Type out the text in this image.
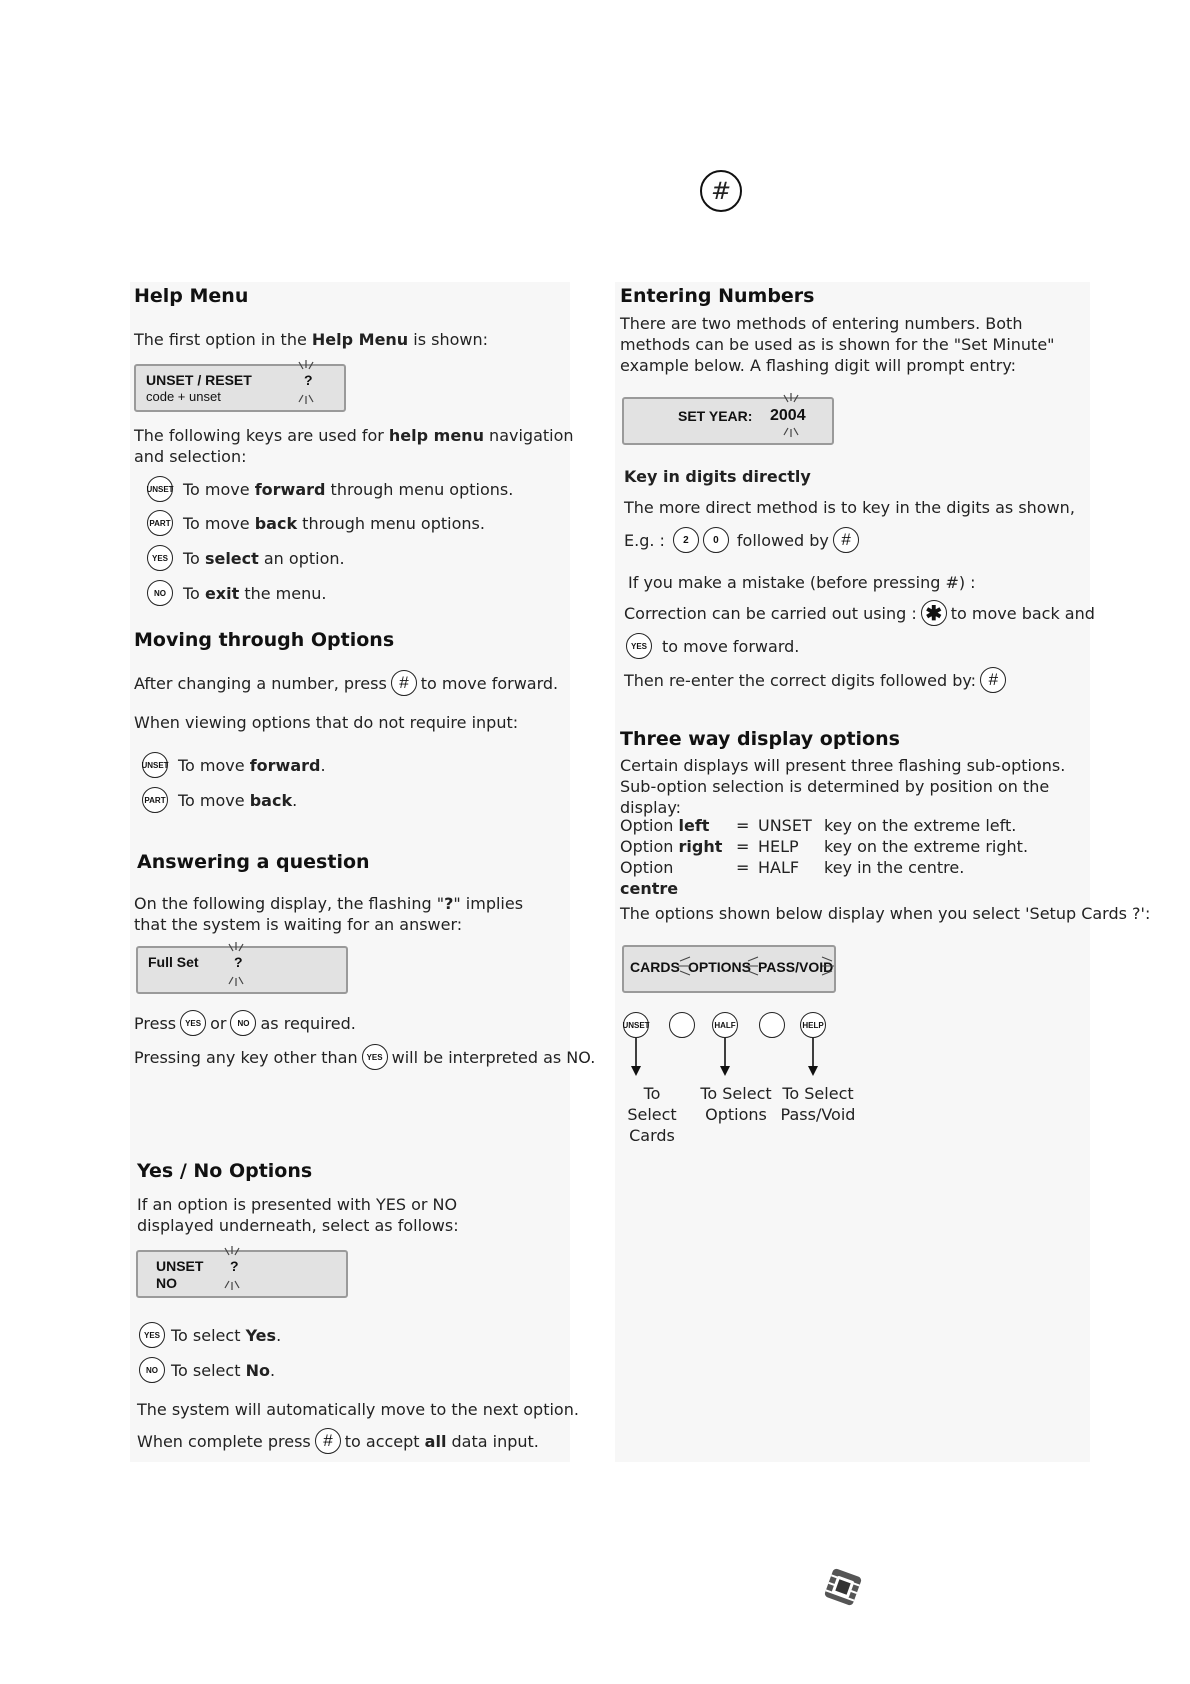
#
Help Menu

The first option in the Help Menu is shown:

UNSET / RESET
code + unset
?

The following keys are used for help menu navigation and selection:

UNSET To move forward through menu options.
PART To move back through menu options.
YES To select an option.
NO	To exit the menu.
Moving through Options
After changing a number, press # to move forward.

When viewing options that do not require input:

UNSET To move forward.
PART To move back.
Answering a question

On the following display, the flashing "?" implies that the system is waiting for an answer:

Full Set	?
Press	YES or	NO as required.
Pressing any key other than	YES will be interpreted as NO.
Yes / No Options

If an option is presented with YES or NO displayed underneath, select as follows:

UNSET
NO
?
YES To select Yes.
NO To select No.

The system will automatically move to the next option.

When complete press # to accept all data input.
Entering Numbers

There are two methods of entering numbers. Both methods can be used as is shown for the "Set Minute" example below. A flashing digit will prompt entry:

SET YEAR: 2004

Key in digits directly

The more direct method is to key in the digits as shown,

E.g. :	2	0	followed by #

If you make a mistake (before pressing #) :

Correction can be carried out using : ✱ to move back and
YES to move forward.
Then re-enter the correct digits followed by: #
Three way display options

Certain displays will present three flashing sub-options. Sub-option selection is determined by position on the display:

Option left	=	UNSET	key on the extreme left.
Option right	=	HELP	key on the extreme right.
Option centre	=	HALF	key in the centre.

The options shown below display when you select 'Setup Cards ?':

CARDS OPTIONS PASS/VOID
UNSET	HALF	HELP
To Select
Cards
To Select
Options
To Select
Pass/Void
